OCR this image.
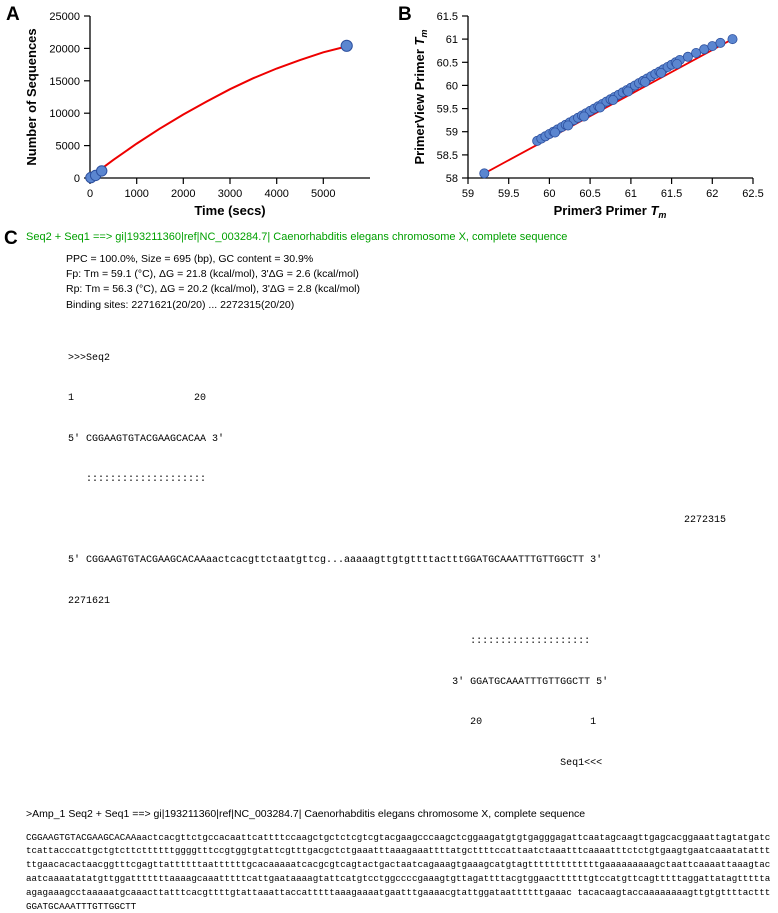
A	B
C
0
5000
10000
15000
20000
25000
0	1000 2000 3000 4000 5000
Time (secs)
Number of Sequences
58
58.5
59
59.5
60
60.5
61
61.5
59 59.5 60 60.5 61 61.5 62 62.5
Primer3 Primer $T_m$
PrimerView Primer $T_m$
Seq2 + Seq1 ==> gi|193211360|ref|NC_003284.7| Caenorhabditis elegans chromosome X, complete sequence
PPC = 100.0%, Size = 695 (bp), GC content = 30.9%
Fp: Tm = 59.1 (°C), ΔG = 21.8 (kcal/mol), 3'ΔG = 2.6 (kcal/mol)
Rp: Tm = 56.3 (°C), ΔG = 20.2 (kcal/mol), 3'ΔG = 2.8 (kcal/mol)
Binding sites: 2271621(20/20) ... 2272315(20/20)

>>>Seq2

1                    20

5' CGGAAGTGTACGAAGCACAA 3'

::::::::::::::::::::

2272315

5' CGGAAGTGTACGAAGCACAAaactcacgttctaatgttcg...aaaaagttgtgttttactttGGATGCAAATTTGTTGGCTT 3'

2271621

::::::::::::::::::::

3' GGATGCAAATTTGTTGGCTT 5'

20                  1

Seq1<<<

>Amp_1 Seq2 + Seq1 ==> gi|193211360|ref|NC_003284.7| Caenorhabditis elegans chromosome X, complete sequence
CGGAAGTGTACGAAGCACAAaactcacgttctgccacaattcattttccaagctgctctcgtcgtacgaagcccaagctcggaagatgtgtgagggagattcaatagcaagttgagcacggaaattagtatgatctcattacccattgctgtcttcttttttggggtttccgtggtgtattcgtttgacgctctgaaatttaaagaaattttatgcttttccattaatctaaatttcaaaatttctctgtgaagtgaatcaaatatatttttgaacacactaacggtttcgagttattttttaattttttgcacaaaaatcacgcgtcagtactgactaatcagaaagtgaaagcatgtagtttttttttttttgaaaaaaaaagctaattcaaaattaaagtacaatcaaaatatatgttggatttttttaaaagcaaatttttcattgaataaaagtattcatgtcctggccccgaaagtgttagattttacgtggaacttttttgtccatgttcagtttttaggattatagtttttaagagaaagcctaaaaatgcaaacttatttcacgttttgtattaaattaccatttttaaagaaaatgaatttgaaaacgtattggataattttttgaaac tacacaagtaccaaaaaaaagttgtgttttactttGGATGCAAATTTGTTGGCTT
